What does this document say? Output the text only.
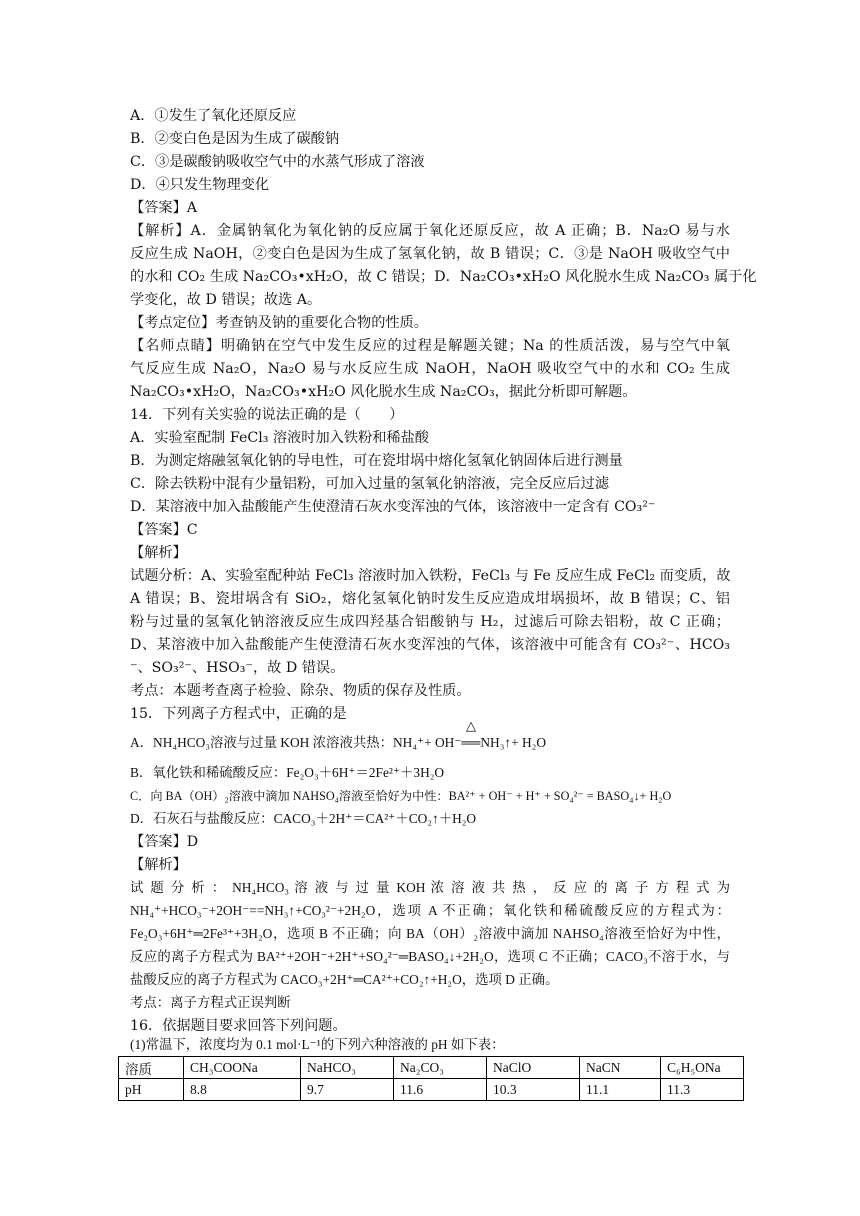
A．①发生了氧化还原反应
B．②变白色是因为生成了碳酸钠
C．③是碳酸钠吸收空气中的水蒸气形成了溶液
D．④只发生物理变化
【答案】A
【解析】A．金属钠氧化为氧化钠的反应属于氧化还原反应，故 A 正确；B．Na₂O 易与水
反应生成 NaOH，②变白色是因为生成了氢氧化钠，故 B 错误；C．③是 NaOH 吸收空气中
的水和 CO₂ 生成 Na₂CO₃•xH₂O，故 C 错误；D．Na₂CO₃•xH₂O 风化脱水生成 Na₂CO₃ 属于化
学变化，故 D 错误；故选 A。
【考点定位】考查钠及钠的重要化合物的性质。
【名师点睛】明确钠在空气中发生反应的过程是解题关键；Na 的性质活泼，易与空气中氧
气反应生成 Na₂O，Na₂O 易与水反应生成 NaOH，NaOH 吸收空气中的水和 CO₂ 生成
Na₂CO₃•xH₂O，Na₂CO₃•xH₂O 风化脱水生成 Na₂CO₃，据此分析即可解题。
14．下列有关实验的说法正确的是（　　）
A．实验室配制 FeCl₃ 溶液时加入铁粉和稀盐酸
B．为测定熔融氢氧化钠的导电性，可在瓷坩埚中熔化氢氧化钠固体后进行测量
C．除去铁粉中混有少量铝粉，可加入过量的氢氧化钠溶液，完全反应后过滤
D．某溶液中加入盐酸能产生使澄清石灰水变浑浊的气体，该溶液中一定含有 CO₃²⁻
【答案】C
【解析】
试题分析：A、实验室配种站 FeCl₃ 溶液时加入铁粉，FeCl₃ 与 Fe 反应生成 FeCl₂ 而变质，故
A 错误；B、瓷坩埚含有 SiO₂，熔化氢氧化钠时发生反应造成坩埚损坏，故 B 错误；C、铝
粉与过量的氢氧化钠溶液反应生成四羟基合铝酸钠与 H₂，过滤后可除去铝粉，故 C 正确；
D、某溶液中加入盐酸能产生使澄清石灰水变浑浊的气体，该溶液中可能含有 CO₃²⁻、HCO₃
⁻、SO₃²⁻、HSO₃⁻，故 D 错误。
考点：本题考查离子检验、除杂、物质的保存及性质。
15．下列离子方程式中，正确的是
△
A．NH₄HCO₃溶液与过量 KOH 浓溶液共热：NH₄⁺+ OH⁻══NH₃↑+ H₂O
B．氧化铁和稀硫酸反应：Fe₂O₃＋6H⁺＝2Fe²⁺＋3H₂O
C．向 BA（OH）₂溶液中滴加 NAHSO₄溶液至恰好为中性：BA²⁺ + OH⁻ + H⁺ + SO₄²⁻ = BASO₄↓+ H₂O
D．石灰石与盐酸反应：CACO₃＋2H⁺＝CA²⁺＋CO₂↑＋H₂O
【答案】D
【解析】
试 题 分 析 ： NH₄HCO₃ 溶 液 与 过 量 KOH 浓 溶 液 共 热 ， 反 应 的 离 子 方 程 式 为
NH₄⁺+HCO₃⁻+2OH⁻==NH₃↑+CO₃²⁻+2H₂O，选项 A 不正确；氧化铁和稀硫酸反应的方程式为：
Fe₂O₃+6H⁺═2Fe³⁺+3H₂O，选项 B 不正确；向 BA（OH）₂溶液中滴加 NAHSO₄溶液至恰好为中性，
反应的离子方程式为 BA²⁺+2OH⁻+2H⁺+SO₄²⁻═BASO₄↓+2H₂O，选项 C 不正确；CACO₃不溶于水，与
盐酸反应的离子方程式为 CACO₃+2H⁺═CA²⁺+CO₂↑+H₂O，选项 D 正确。
考点：离子方程式正误判断
16．依据题目要求回答下列问题。
(1)常温下，浓度均为 0.1 mol·L⁻¹的下列六种溶液的 pH 如下表：
溶质	CH₃COONa	NaHCO₃	Na₂CO₃	NaClO	NaCN	C₆H₅ONa
pH	8.8	9.7	11.6	10.3	11.1	11.3
